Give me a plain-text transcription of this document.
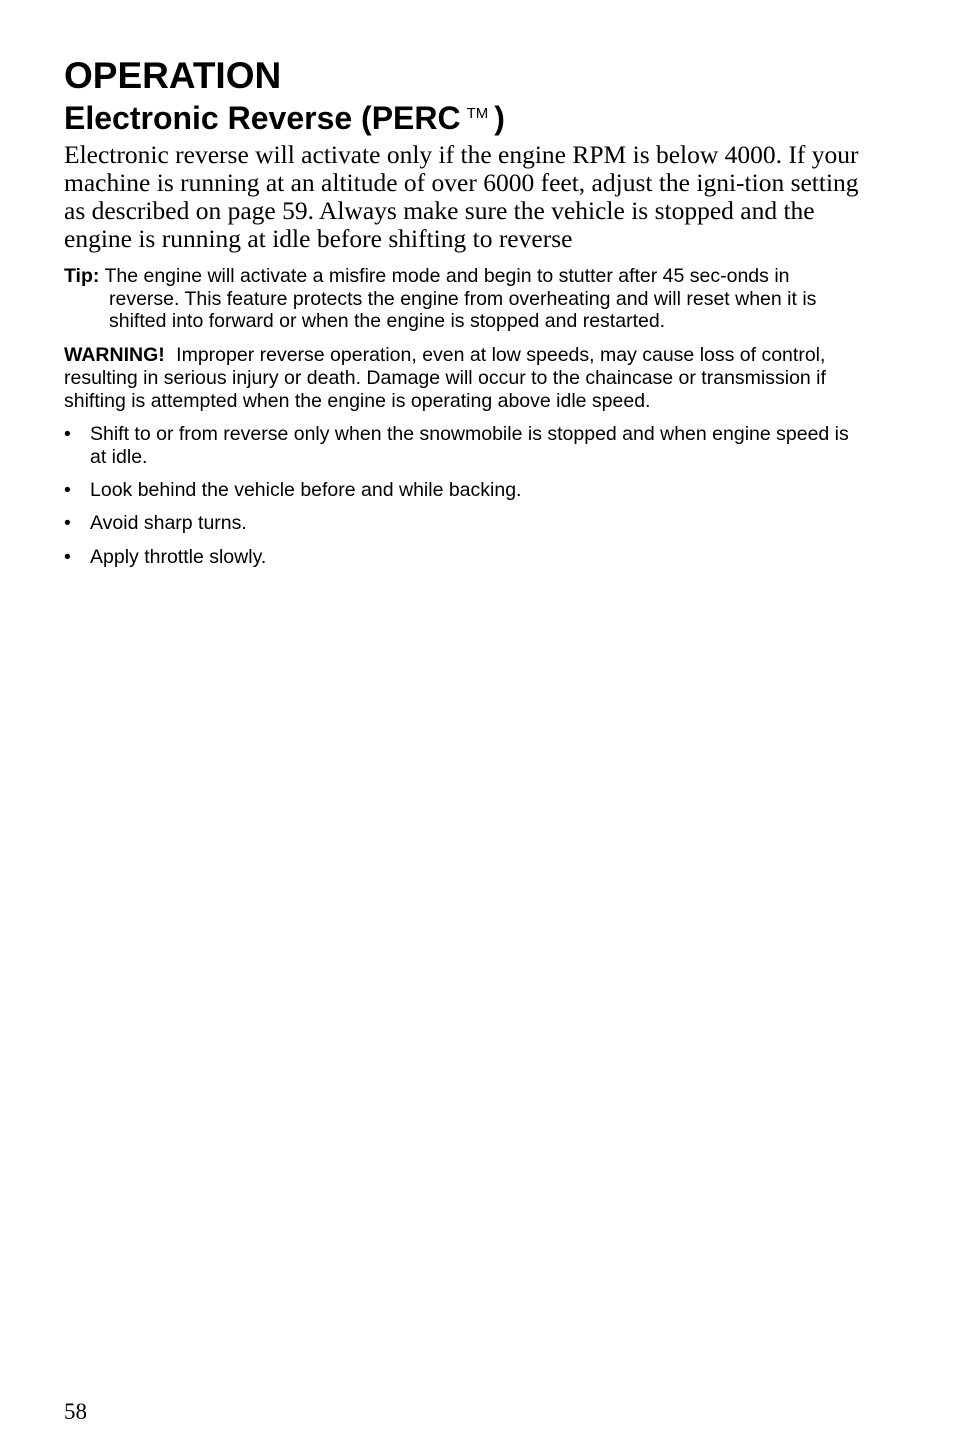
OPERATION
Electronic Reverse (PERC ™ )

Electronic reverse will activate only if the engine RPM is below 4000. If your machine is running at an altitude of over 6000 feet, adjust the igni-tion setting as described on page 59. Always make sure the vehicle is stopped and the engine is running at idle before shifting to reverse

Tip: The engine will activate a misfire mode and begin to stutter after 45 sec-onds in reverse. This feature protects the engine from overheating and will reset when it is shifted into forward or when the engine is stopped and restarted.

WARNING! Improper reverse operation, even at low speeds, may cause loss of control, resulting in serious injury or death. Damage will occur to the chaincase or transmission if shifting is attempted when the engine is operating above idle speed.

• Shift to or from reverse only when the snowmobile is stopped and when engine speed is at idle.
• Look behind the vehicle before and while backing.
• Avoid sharp turns.
• Apply throttle slowly.
58
